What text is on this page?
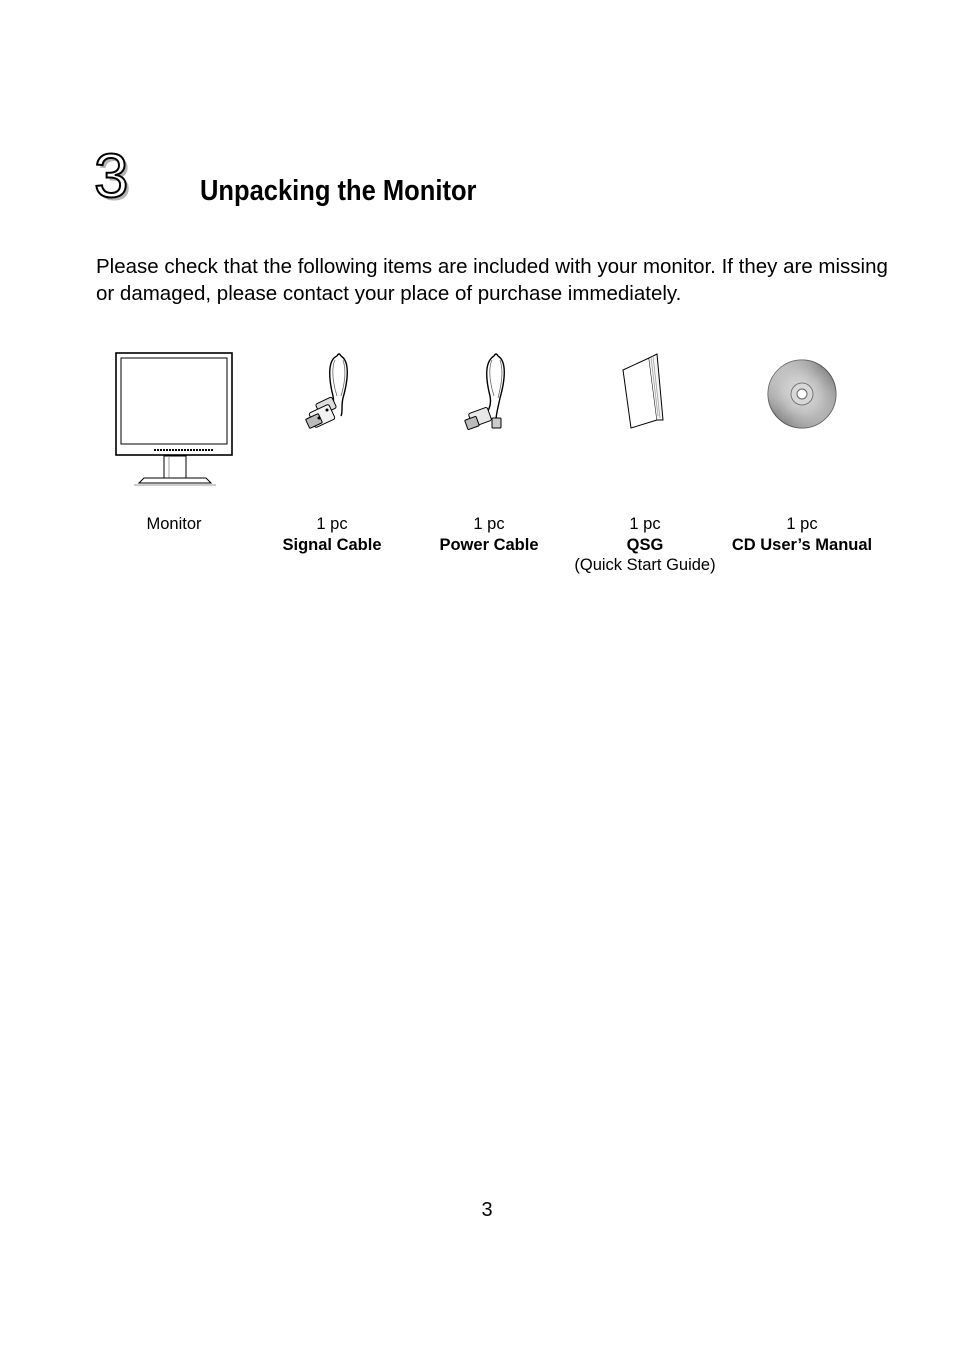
3 Unpacking the Monitor

Please check that the following items are included with your monitor. If they are missing or damaged, please contact your place of purchase immediately.

Monitor	1 pc
Signal Cable
1 pc
Power Cable
1 pc
QSG
(Quick Start Guide)
1 pc
CD User’s Manual
3
